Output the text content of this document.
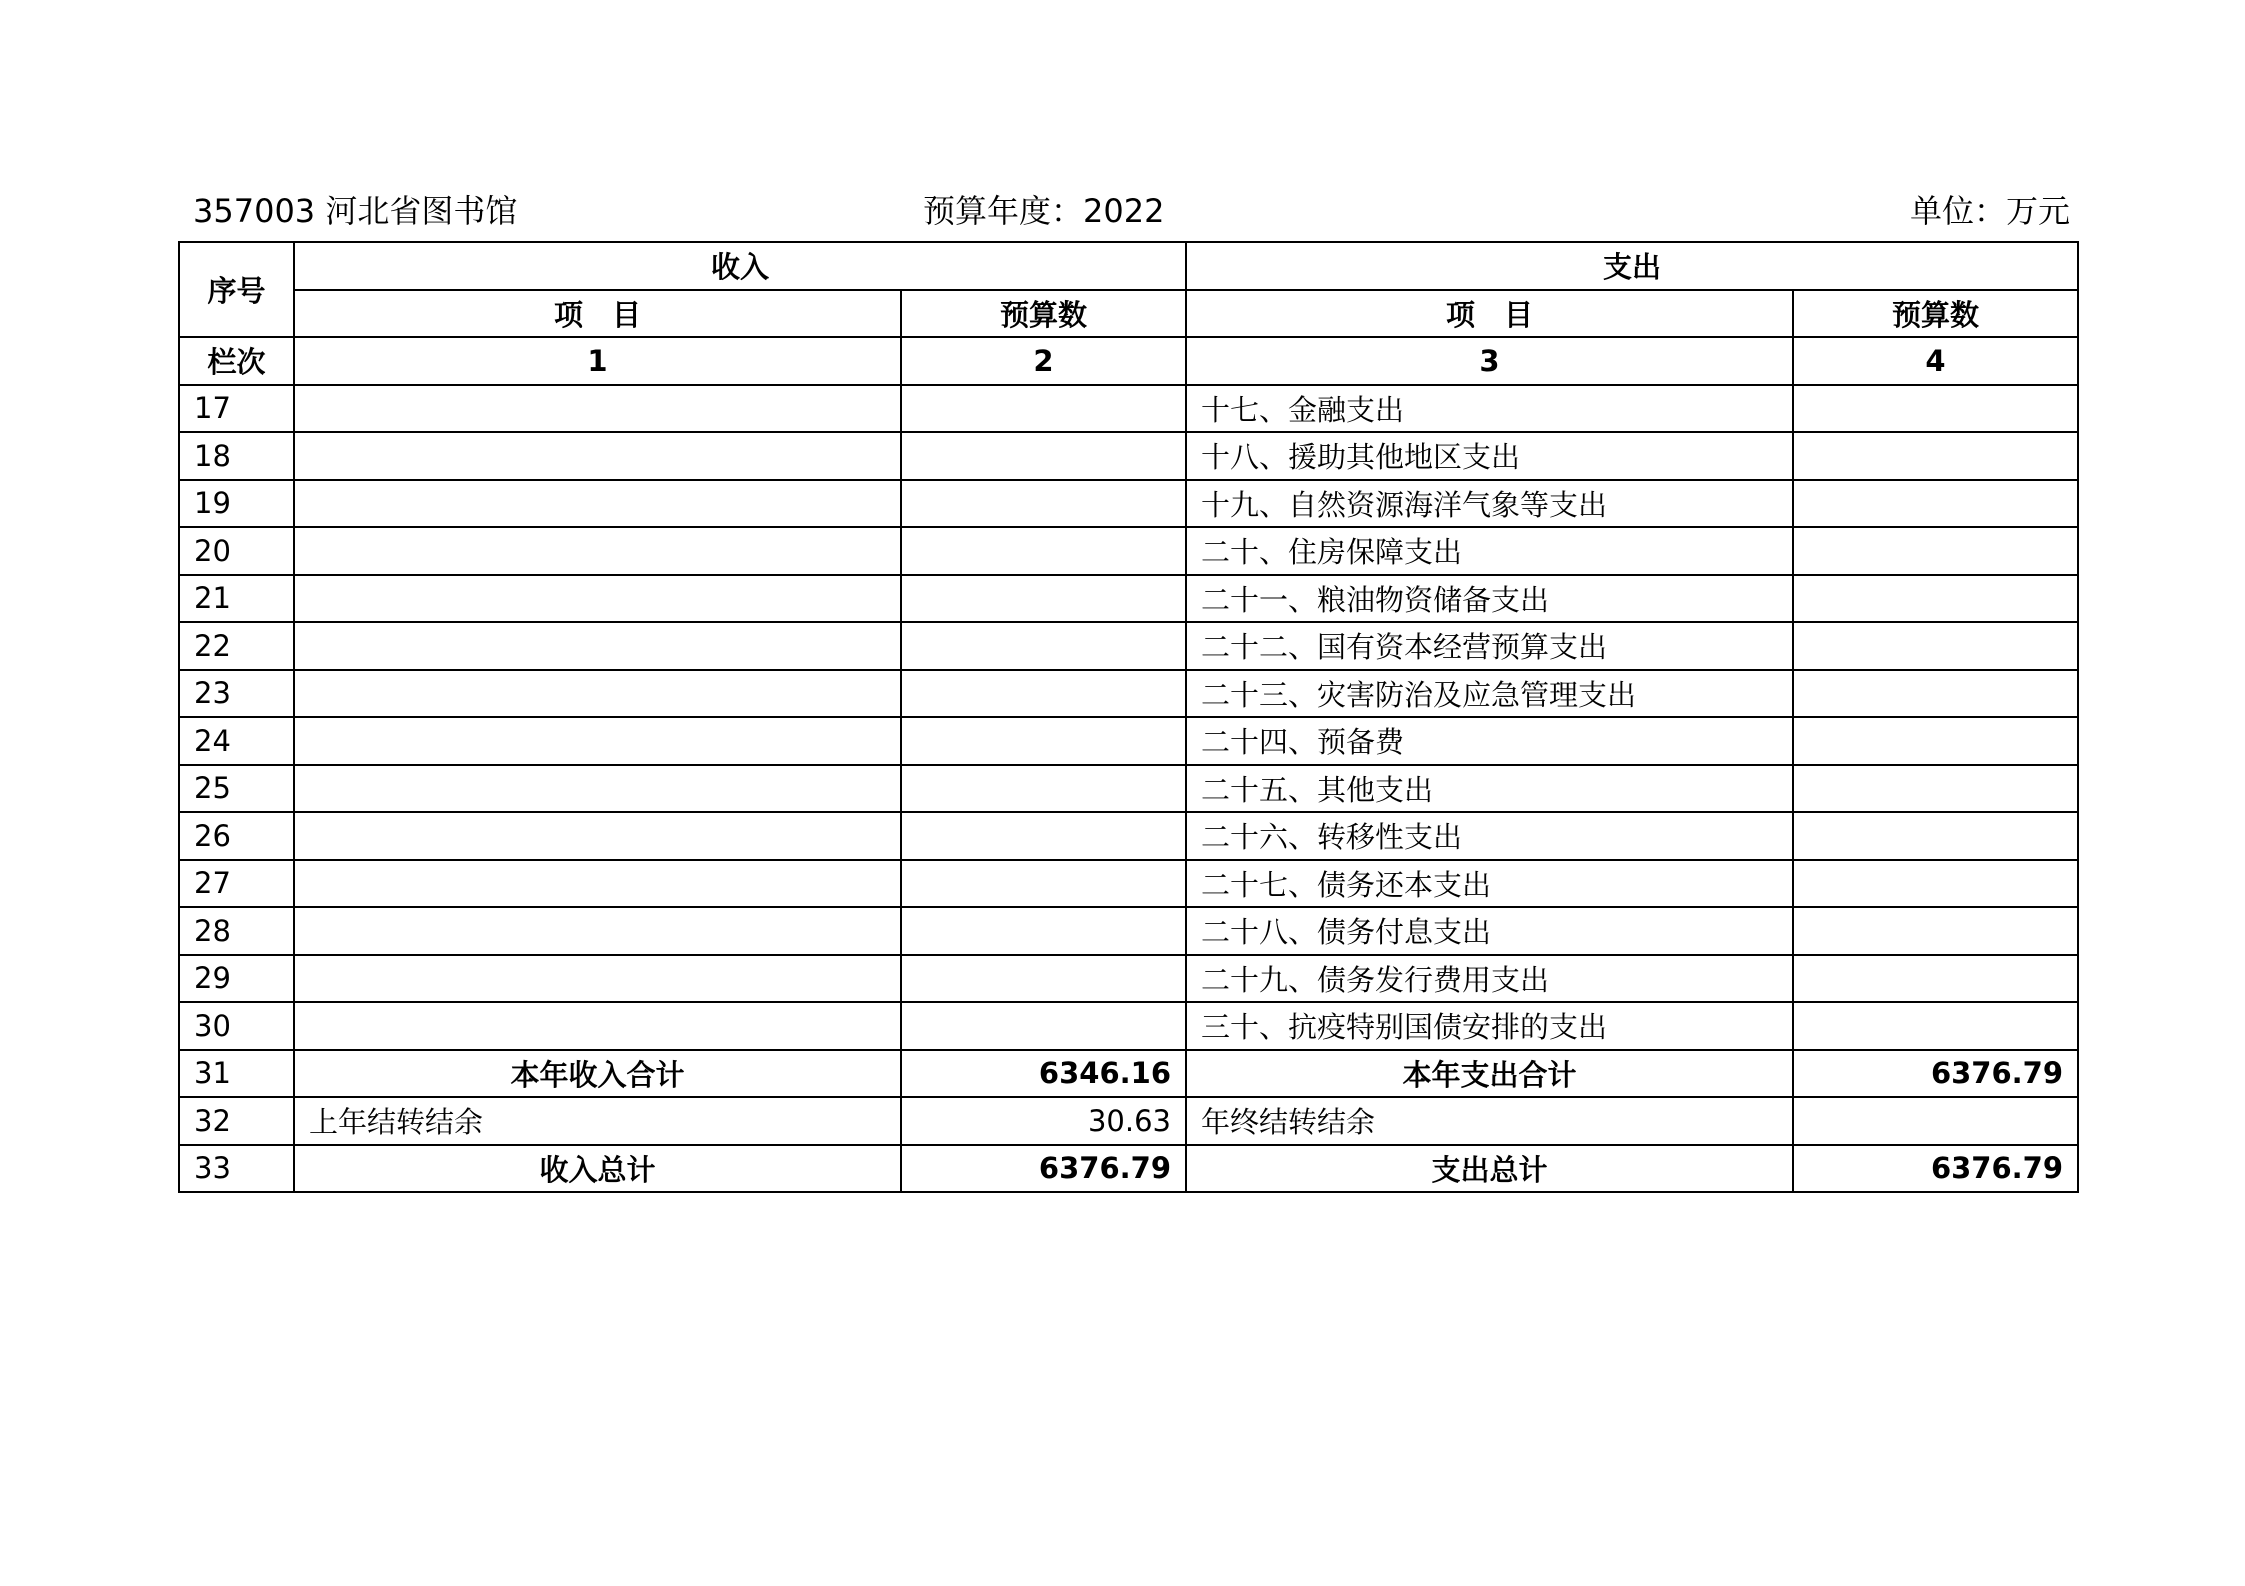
357003 河北省图书馆	预算年度：2022	单位：万元
序号	收入		支出	
	项　目	预算数	项　目	预算数
栏次	1	2	3	4
17			十七、金融支出	
18			十八、援助其他地区支出	
19			十九、自然资源海洋气象等支出	
20			二十、住房保障支出	
21			二十一、粮油物资储备支出	
22			二十二、国有资本经营预算支出	
23			二十三、灾害防治及应急管理支出	
24			二十四、预备费	
25			二十五、其他支出	
26			二十六、转移性支出	
27			二十七、债务还本支出	
28			二十八、债务付息支出	
29			二十九、债务发行费用支出	
30			三十、抗疫特别国债安排的支出	
31	本年收入合计	6346.16	本年支出合计	6376.79
32	上年结转结余	30.63	年终结转结余	
33	收入总计	6376.79	支出总计	6376.79
